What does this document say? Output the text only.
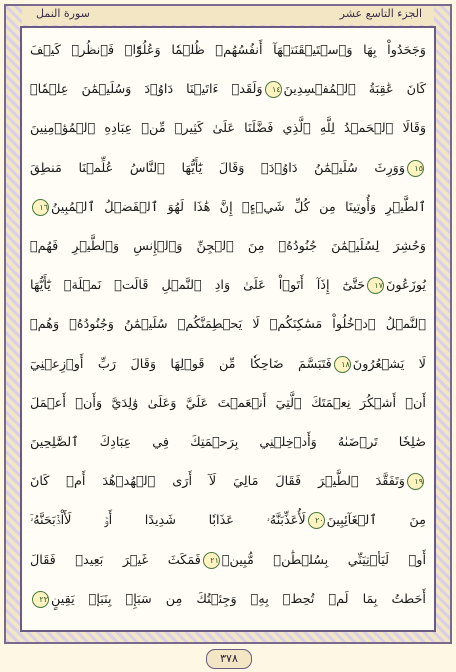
الجزء التاسع عشر
سورة النمل
وَجَحَدُواْ بِهَا وَٱسۡتَيۡقَنَتۡهَآ أَنفُسُهُمۡ ظُلۡمٗا وَعُلُوّٗاۚ فَٱنظُرۡ كَيۡفَ
كَانَ عَٰقِبَةُ ٱلۡمُفۡسِدِينَ١٤وَلَقَدۡ ءَاتَيۡنَا دَاوُۥدَ وَسُلَيۡمَٰنَ عِلۡمٗاۖ
وَقَالَا ٱلۡحَمۡدُ لِلَّهِ ٱلَّذِي فَضَّلَنَا عَلَىٰ كَثِيرٖ مِّنۡ عِبَادِهِ ٱلۡمُؤۡمِنِينَ
١٥وَوَرِثَ سُلَيۡمَٰنُ دَاوُۥدَۖ وَقَالَ يَٰٓأَيُّهَا ٱلنَّاسُ عُلِّمۡنَا مَنطِقَ
ٱلطَّيۡرِ وَأُوتِينَا مِن كُلِّ شَيۡءٍۖ إِنَّ هَٰذَا لَهُوَ ٱلۡفَضۡلُ ٱلۡمُبِينُ١٦
وَحُشِرَ لِسُلَيۡمَٰنَ جُنُودُهُۥ مِنَ ٱلۡجِنِّ وَٱلۡإِنسِ وَٱلطَّيۡرِ فَهُمۡ
يُوزَعُونَ١٧حَتَّىٰٓ إِذَآ أَتَوۡاْ عَلَىٰ وَادِ ٱلنَّمۡلِ قَالَتۡ نَمۡلَةٞ يَٰٓأَيُّهَا
ٱلنَّمۡلُ ٱدۡخُلُواْ مَسَٰكِنَكُمۡ لَا يَحۡطِمَنَّكُمۡ سُلَيۡمَٰنُ وَجُنُودُهُۥ وَهُمۡ
لَا يَشۡعُرُونَ١٨فَتَبَسَّمَ ضَاحِكٗا مِّن قَوۡلِهَا وَقَالَ رَبِّ أَوۡزِعۡنِيٓ
أَنۡ أَشۡكُرَ نِعۡمَتَكَ ٱلَّتِيٓ أَنۡعَمۡتَ عَلَيَّ وَعَلَىٰ وَٰلِدَيَّ وَأَنۡ أَعۡمَلَ
صَٰلِحٗا تَرۡضَىٰهُ وَأَدۡخِلۡنِي بِرَحۡمَتِكَ فِي عِبَادِكَ ٱلصَّٰلِحِينَ
١٩وَتَفَقَّدَ ٱلطَّيۡرَ فَقَالَ مَالِيَ لَآ أَرَى ٱلۡهُدۡهُدَ أَمۡ كَانَ
مِنَ ٱلۡغَآئِبِينَ٢٠لَأُعَذِّبَنَّهُۥ عَذَابٗا شَدِيدًا أَوۡ لَأَاْذۡبَحَنَّهُۥٓ
أَوۡ لَيَأۡتِيَنِّي بِسُلۡطَٰنٖ مُّبِينٖ٢١فَمَكَثَ غَيۡرَ بَعِيدٖ فَقَالَ
أَحَطتُ بِمَا لَمۡ تُحِطۡ بِهِۦ وَجِئۡتُكَ مِن سَبَإِۭ بِنَبَإٖ يَقِينٍ٢٢
٣٧٨
